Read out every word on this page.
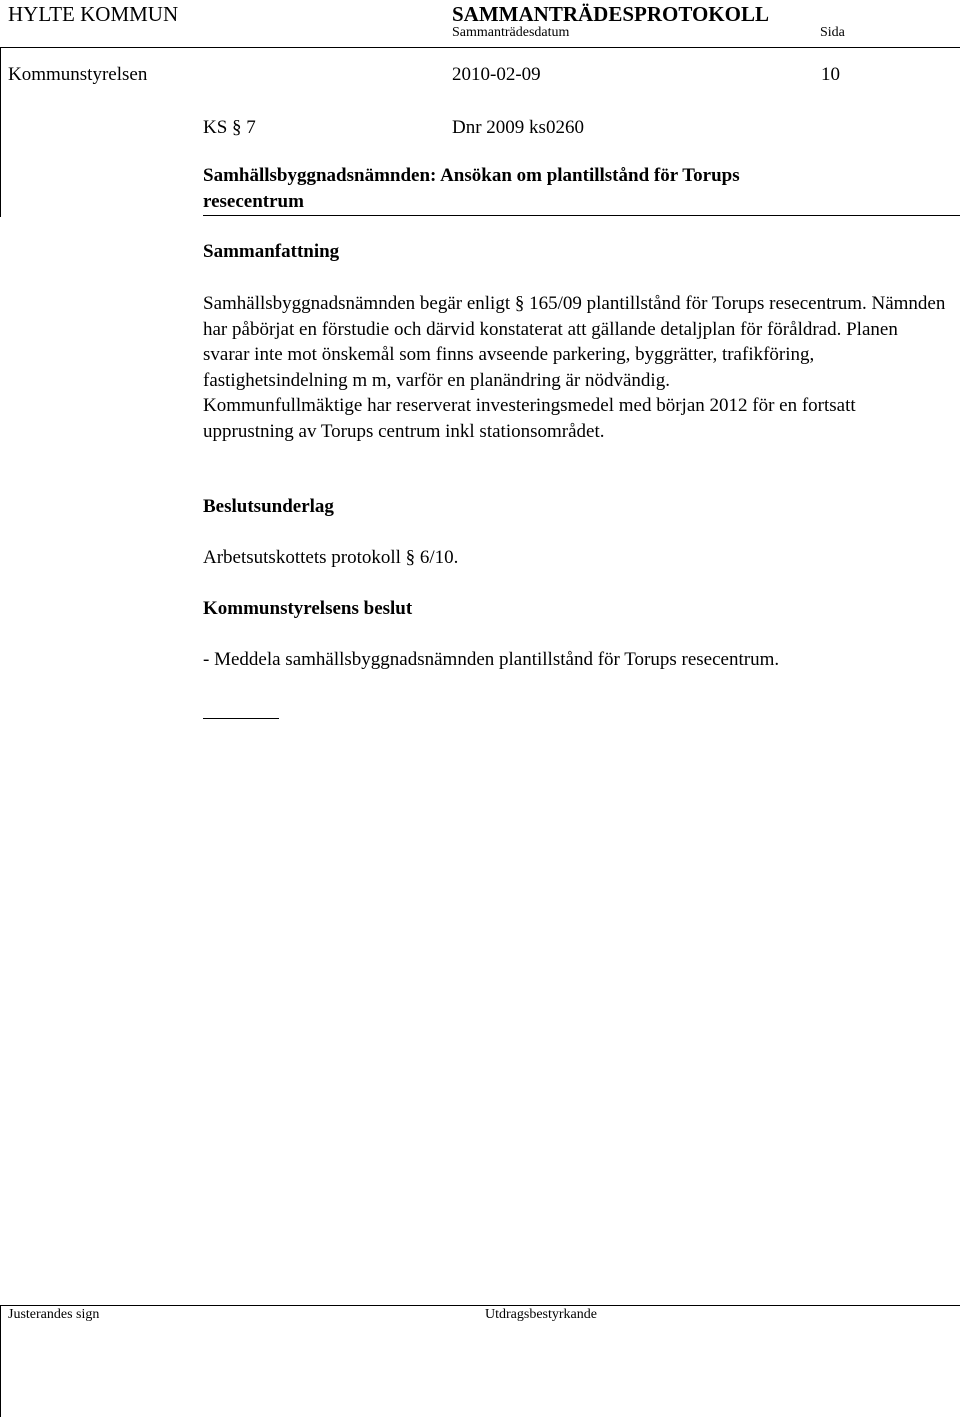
HYLTE KOMMUN	SAMMANTRÄDESPROTOKOLL
Sammanträdesdatum	Sida
Kommunstyrelsen	2010-02-09	10
KS § 7	Dnr 2009 ks0260
Samhällsbyggnadsnämnden: Ansökan om plantillstånd för Torups
resecentrum
Sammanfattning

Samhällsbyggnadsnämnden begär enligt § 165/09 plantillstånd för Torups resecentrum. Nämnden har påbörjat en förstudie och därvid konstaterat att gällande detaljplan för föråldrad. Planen svarar inte mot önskemål som finns avseende parkering, byggrätter, trafikföring, fastighetsindelning m m, varför en planändring är nödvändig.

Kommunfullmäktige har reserverat investeringsmedel med början 2012 för en fortsatt upprustning av Torups centrum inkl stationsområdet.

Beslutsunderlag
Arbetsutskottets protokoll § 6/10.
Kommunstyrelsens beslut
- Meddela samhällsbyggnadsnämnden plantillstånd för Torups resecentrum.
Justerandes sign	Utdragsbestyrkande
